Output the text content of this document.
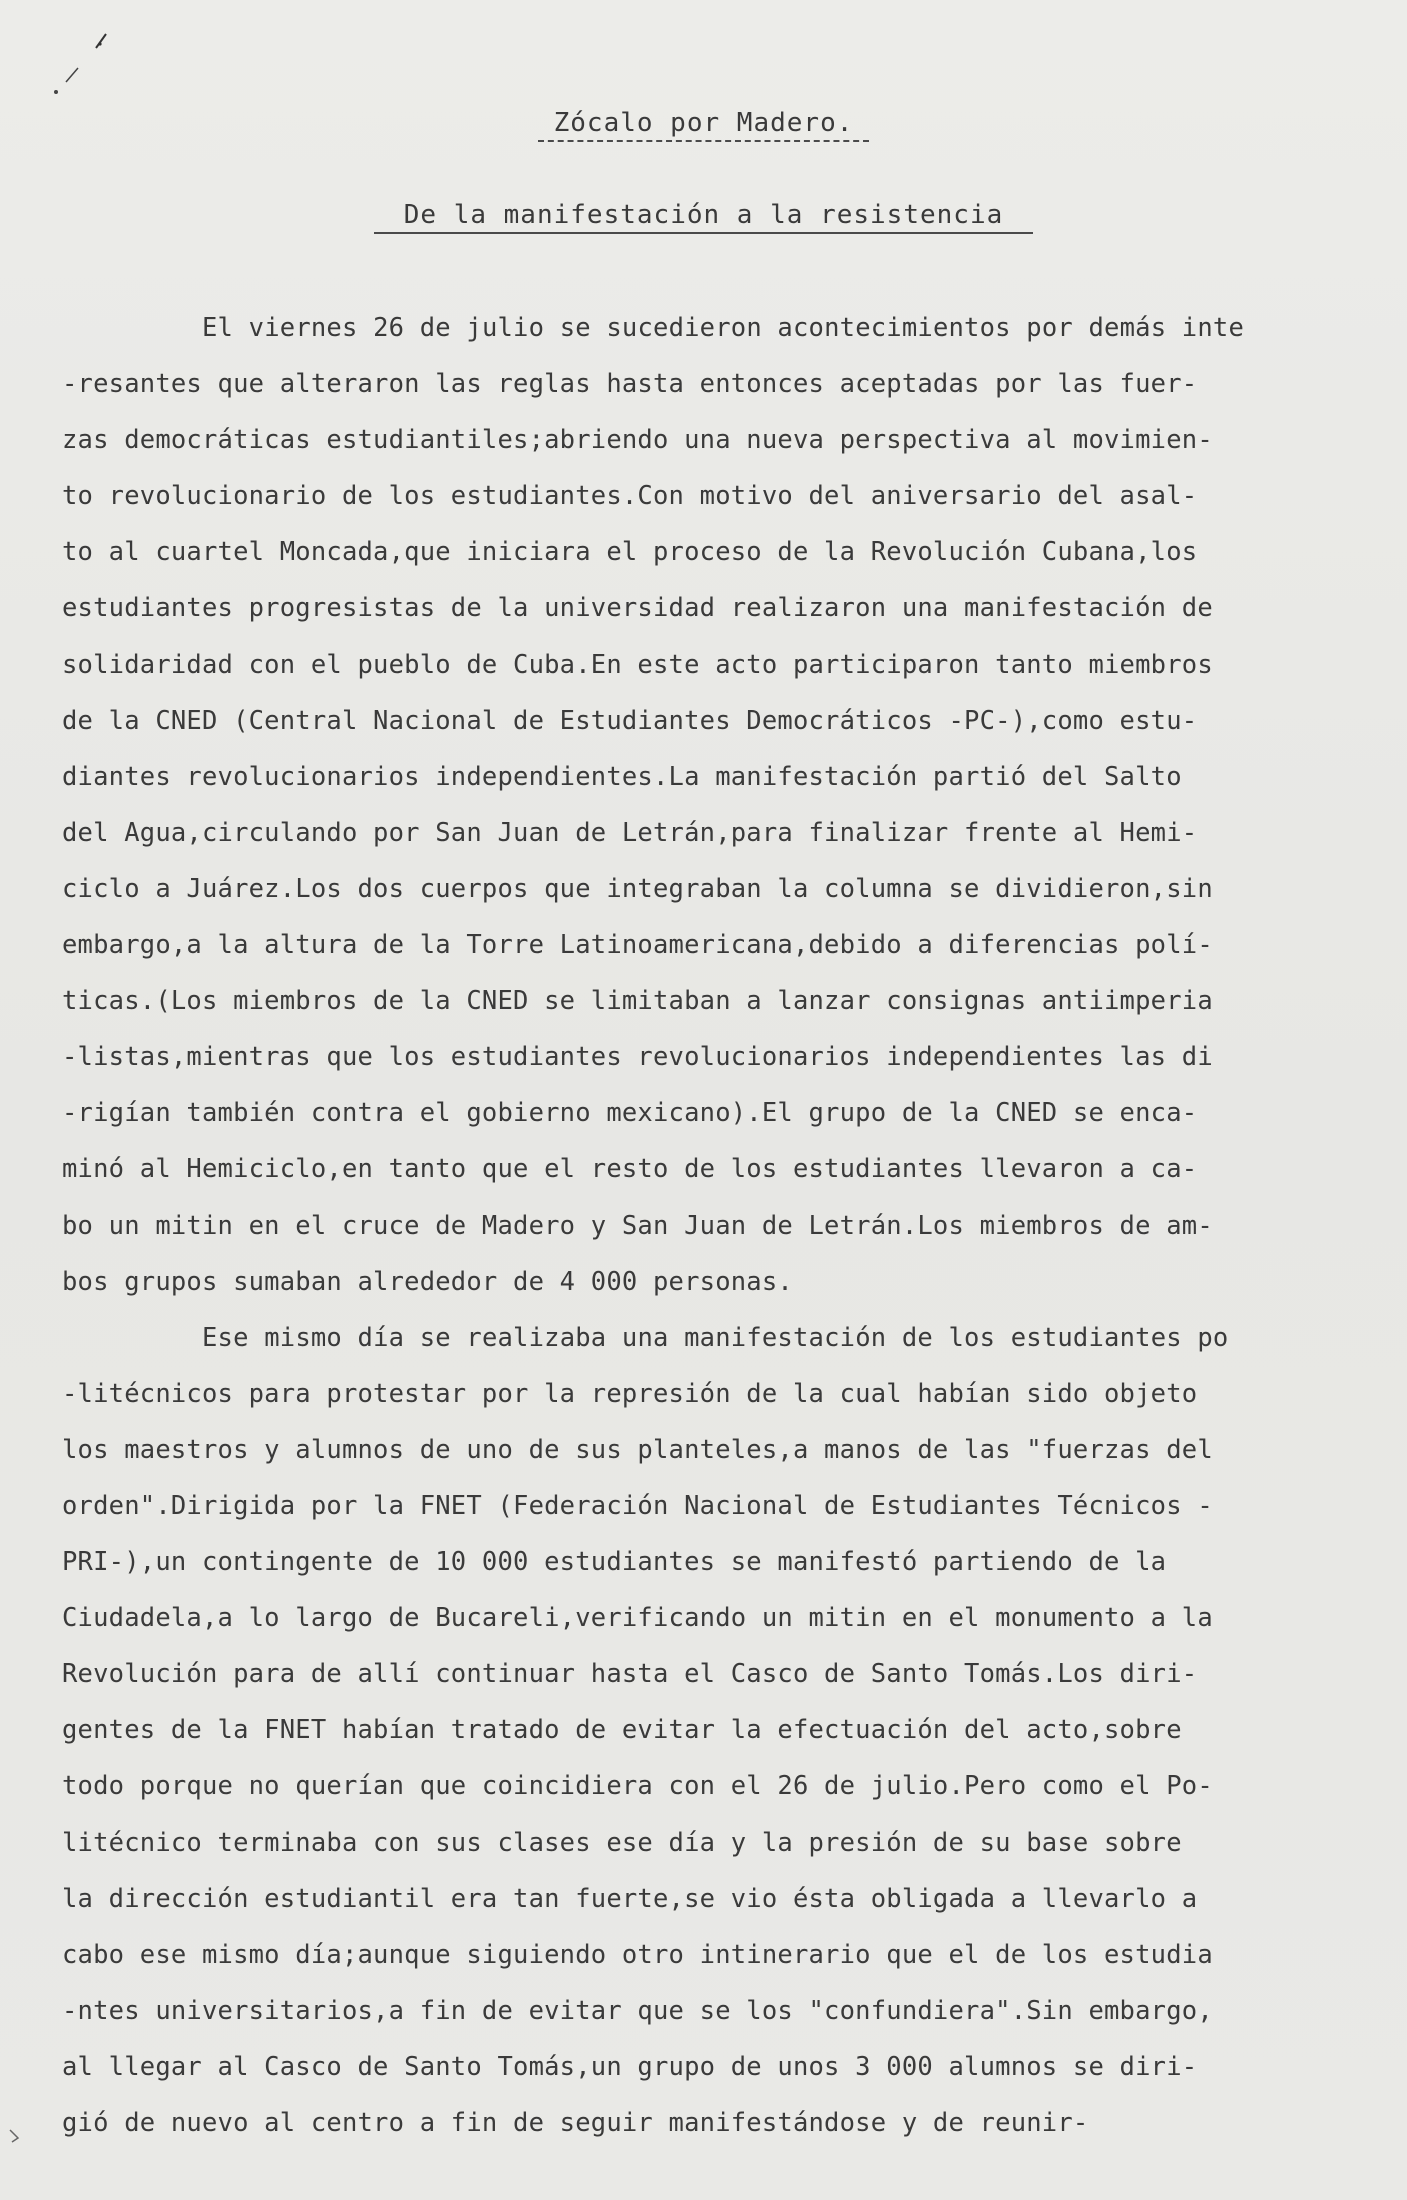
Zócalo por Madero.
De la manifestación a la resistencia
El viernes 26 de julio se sucedieron acontecimientos por demás inte
-resantes que alteraron las reglas hasta entonces aceptadas por las fuer-
zas democráticas estudiantiles;abriendo una nueva perspectiva al movimien-
to revolucionario de los estudiantes.Con motivo del aniversario del asal-
to al cuartel Moncada,que iniciara el proceso de la Revolución Cubana,los
estudiantes progresistas de la universidad realizaron una manifestación de
solidaridad con el pueblo de Cuba.En este acto participaron tanto miembros
de la CNED (Central Nacional de Estudiantes Democráticos -PC-),como estu-
diantes revolucionarios independientes.La manifestación partió del Salto
del Agua,circulando por San Juan de Letrán,para finalizar frente al Hemi-
ciclo a Juárez.Los dos cuerpos que integraban la columna se dividieron,sin
embargo,a la altura de la Torre Latinoamericana,debido a diferencias polí-
ticas.(Los miembros de la CNED se limitaban a lanzar consignas antiimperia
-listas,mientras que los estudiantes revolucionarios independientes las di
-rigían también contra el gobierno mexicano).El grupo de la CNED se enca-
minó al Hemiciclo,en tanto que el resto de los estudiantes llevaron a ca-
bo un mitin en el cruce de Madero y San Juan de Letrán.Los miembros de am-
bos grupos sumaban alrededor de 4 000 personas.
Ese mismo día se realizaba una manifestación de los estudiantes po
-litécnicos para protestar por la represión de la cual habían sido objeto
los maestros y alumnos de uno de sus planteles,a manos de las "fuerzas del
orden".Dirigida por la FNET (Federación Nacional de Estudiantes Técnicos -
PRI-),un contingente de 10 000 estudiantes se manifestó partiendo de la
Ciudadela,a lo largo de Bucareli,verificando un mitin en el monumento a la
Revolución para de allí continuar hasta el Casco de Santo Tomás.Los diri-
gentes de la FNET habían tratado de evitar la efectuación del acto,sobre
todo porque no querían que coincidiera con el 26 de julio.Pero como el Po-
litécnico terminaba con sus clases ese día y la presión de su base sobre
la dirección estudiantil era tan fuerte,se vio ésta obligada a llevarlo a
cabo ese mismo día;aunque siguiendo otro intinerario que el de los estudia
-ntes universitarios,a fin de evitar que se los "confundiera".Sin embargo,
al llegar al Casco de Santo Tomás,un grupo de unos 3 000 alumnos se diri-
gió de nuevo al centro a fin de seguir manifestándose y de reunir-
